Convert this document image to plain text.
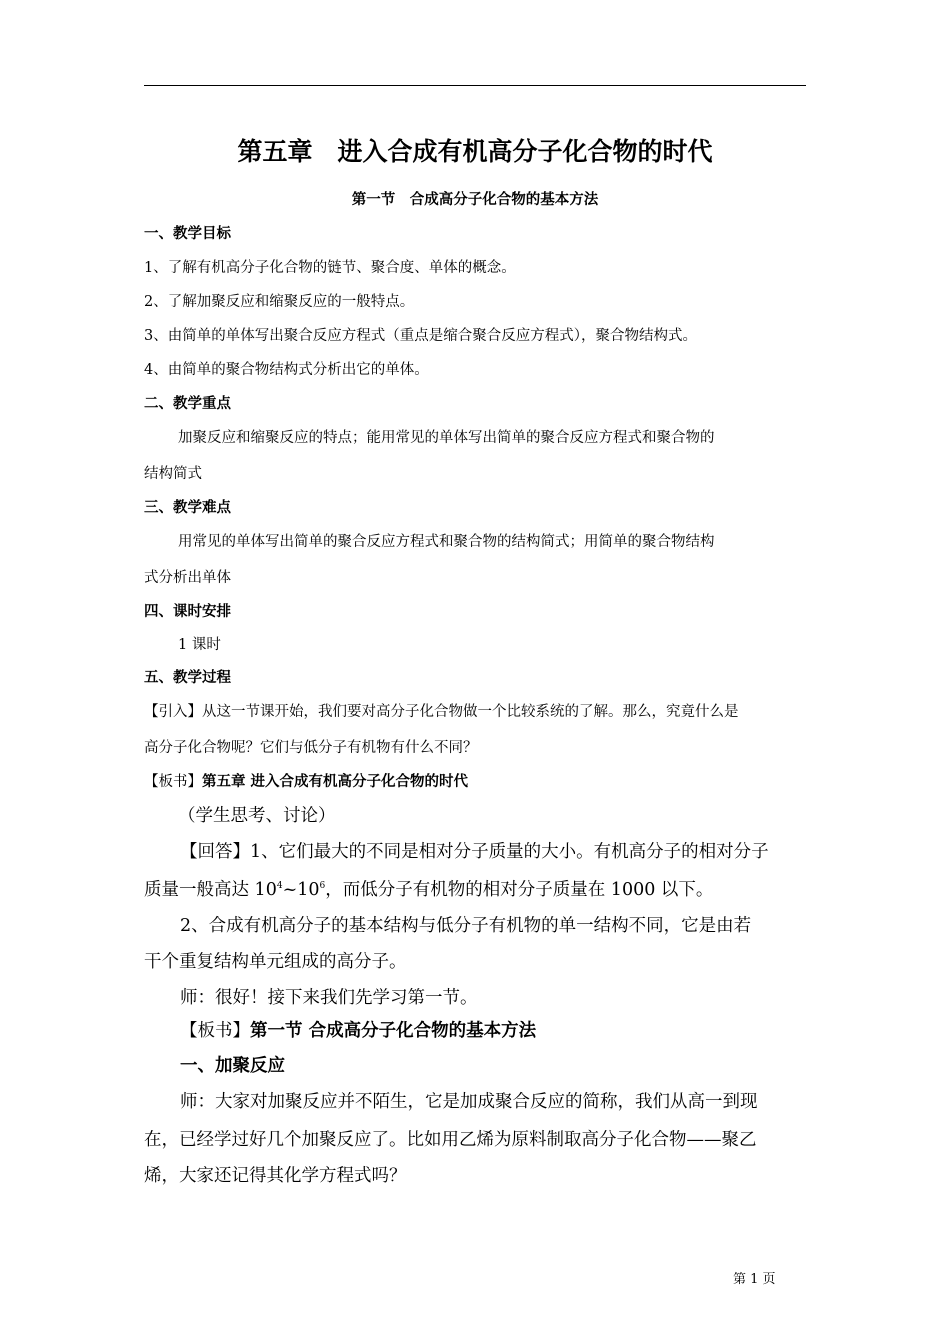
第五章　进入合成有机高分子化合物的时代
第一节　合成高分子化合物的基本方法
一、教学目标
1、了解有机高分子化合物的链节、聚合度、单体的概念。
2、了解加聚反应和缩聚反应的一般特点。
3、由简单的单体写出聚合反应方程式（重点是缩合聚合反应方程式），聚合物结构式。
4、由简单的聚合物结构式分析出它的单体。
二、教学重点
加聚反应和缩聚反应的特点；能用常见的单体写出简单的聚合反应方程式和聚合物的
结构简式
三、教学难点
用常见的单体写出简单的聚合反应方程式和聚合物的结构简式；用简单的聚合物结构
式分析出单体
四、课时安排
1 课时
五、教学过程
【引入】从这一节课开始，我们要对高分子化合物做一个比较系统的了解。那么，究竟什么是
高分子化合物呢？它们与低分子有机物有什么不同？
【板书】第五章 进入合成有机高分子化合物的时代
（学生思考、讨论）
【回答】1、它们最大的不同是相对分子质量的大小。有机高分子的相对分子
质量一般高达 $10^4\sim 10^6$，而低分子有机物的相对分子质量在 1000 以下。
2、合成有机高分子的基本结构与低分子有机物的单一结构不同，它是由若
干个重复结构单元组成的高分子。
师：很好！接下来我们先学习第一节。
【板书】第一节 合成高分子化合物的基本方法
一、加聚反应
师：大家对加聚反应并不陌生，它是加成聚合反应的简称，我们从高一到现
在，已经学过好几个加聚反应了。比如用乙烯为原料制取高分子化合物——聚乙
烯，大家还记得其化学方程式吗？
第 1 页
